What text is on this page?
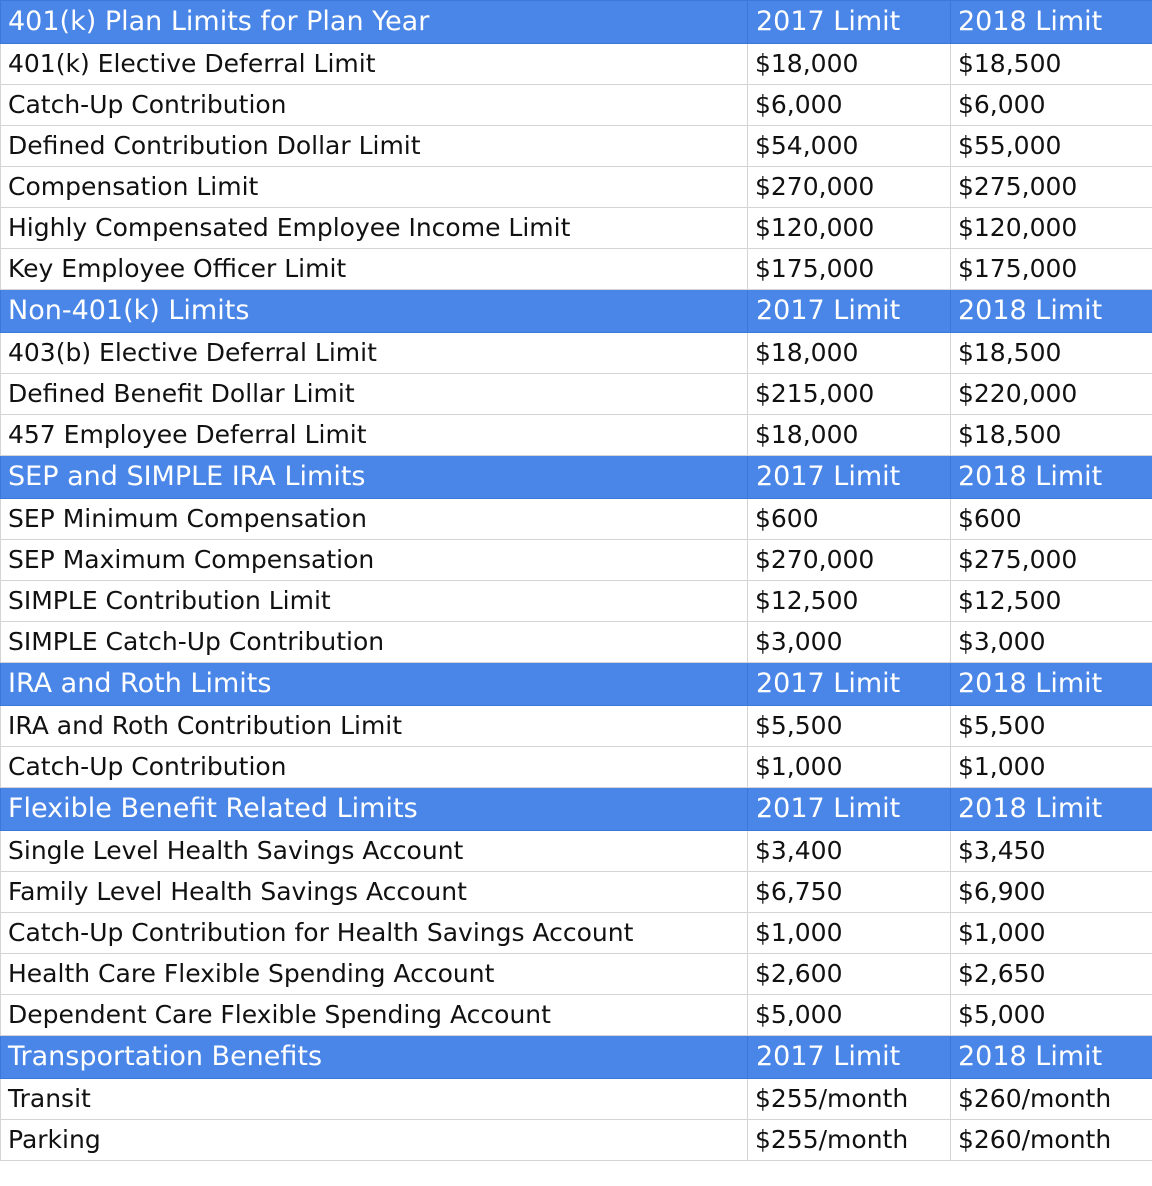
401(k) Plan Limits for Plan Year	2017 Limit	2018 Limit
401(k) Elective Deferral Limit	$18,000	$18,500
Catch-Up Contribution	$6,000	$6,000
Defined Contribution Dollar Limit	$54,000	$55,000
Compensation Limit	$270,000	$275,000
Highly Compensated Employee Income Limit	$120,000	$120,000
Key Employee Officer Limit	$175,000	$175,000
Non-401(k) Limits	2017 Limit	2018 Limit
403(b) Elective Deferral Limit	$18,000	$18,500
Defined Benefit Dollar Limit	$215,000	$220,000
457 Employee Deferral Limit	$18,000	$18,500
SEP and SIMPLE IRA Limits	2017 Limit	2018 Limit
SEP Minimum Compensation	$600	$600
SEP Maximum Compensation	$270,000	$275,000
SIMPLE Contribution Limit	$12,500	$12,500
SIMPLE Catch-Up Contribution	$3,000	$3,000
IRA and Roth Limits	2017 Limit	2018 Limit
IRA and Roth Contribution Limit	$5,500	$5,500
Catch-Up Contribution	$1,000	$1,000
Flexible Benefit Related Limits	2017 Limit	2018 Limit
Single Level Health Savings Account	$3,400	$3,450
Family Level Health Savings Account	$6,750	$6,900
Catch-Up Contribution for Health Savings Account	$1,000	$1,000
Health Care Flexible Spending Account	$2,600	$2,650
Dependent Care Flexible Spending Account	$5,000	$5,000
Transportation Benefits	2017 Limit	2018 Limit
Transit	$255/month	$260/month
Parking	$255/month	$260/month
